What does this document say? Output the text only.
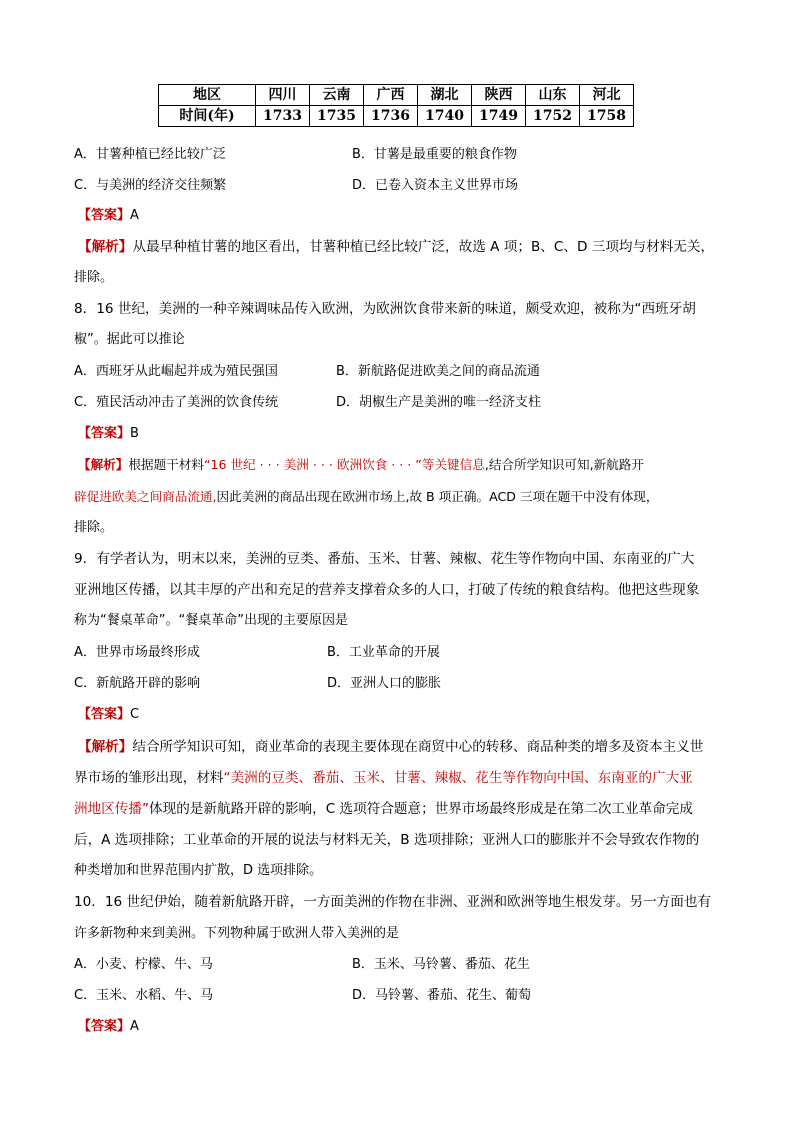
地区	四川	云南	广西	湖北	陕西	山东	河北
时间(年)	1733	1735	1736	1740	1749	1752	1758
A．甘薯种植已经比较广泛	B．甘薯是最重要的粮食作物
C．与美洲的经济交往频繁	D．已卷入资本主义世界市场
【答案】A
【解析】从最早种植甘薯的地区看出，甘薯种植已经比较广泛，故选 A 项；B、C、D 三项均与材料无关，
排除。
8．16 世纪，美洲的一种辛辣调味品传入欧洲，为欧洲饮食带来新的味道，颇受欢迎，被称为“西班牙胡
椒”。据此可以推论
A．西班牙从此崛起并成为殖民强国	B．新航路促进欧美之间的商品流通
C．殖民活动冲击了美洲的饮食传统	D．胡椒生产是美洲的唯一经济支柱
【答案】B
【解析】根据题干材料“16 世纪 · · · 美洲 · · · 欧洲饮食 · · · ”等关键信息,结合所学知识可知,新航路开
辟促进欧美之间商品流通,因此美洲的商品出现在欧洲市场上,故 B 项正确。ACD 三项在题干中没有体现，
排除。
9．有学者认为，明末以来，美洲的豆类、番茄、玉米、甘薯、辣椒、花生等作物向中国、东南亚的广大
亚洲地区传播，以其丰厚的产出和充足的营养支撑着众多的人口，打破了传统的粮食结构。他把这些现象
称为“餐桌革命”。“餐桌革命”出现的主要原因是
A．世界市场最终形成	B．工业革命的开展
C．新航路开辟的影响	D．亚洲人口的膨胀
【答案】C
【解析】结合所学知识可知，商业革命的表现主要体现在商贸中心的转移、商品种类的增多及资本主义世
界市场的雏形出现，材料“美洲的豆类、番茄、玉米、甘薯、辣椒、花生等作物向中国、东南亚的广大亚
洲地区传播”体现的是新航路开辟的影响，C 选项符合题意；世界市场最终形成是在第二次工业革命完成
后，A 选项排除；工业革命的开展的说法与材料无关，B 选项排除；亚洲人口的膨胀并不会导致农作物的
种类增加和世界范围内扩散，D 选项排除。
10．16 世纪伊始，随着新航路开辟，一方面美洲的作物在非洲、亚洲和欧洲等地生根发芽。另一方面也有
许多新物种来到美洲。下列物种属于欧洲人带入美洲的是
A．小麦、柠檬、牛、马	B．玉米、马铃薯、番茄、花生
C．玉米、水稻、牛、马	D．马铃薯、番茄、花生、葡萄
【答案】A
